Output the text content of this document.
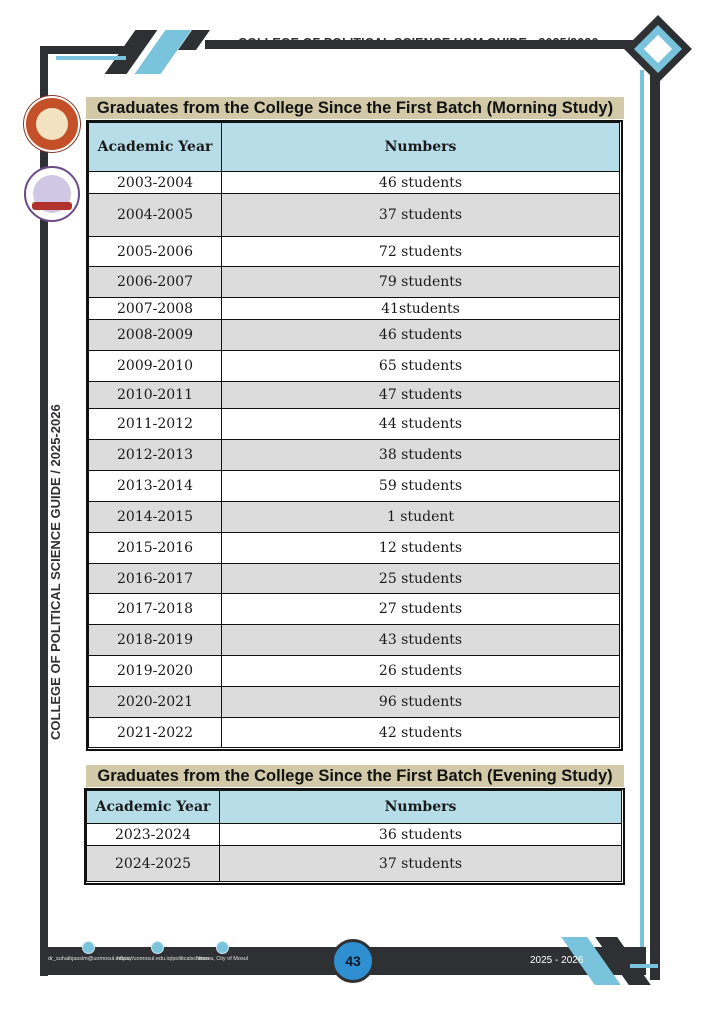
COLLEGE OF POLITICAL SCIENCE UOM GUIDE - 2025/2026
COLLEGE OF POLITICAL SCIENCE GUIDE / 2025-2026
Graduates from the College Since the First Batch (Morning Study)
Academic Year	Numbers
2003-2004	46 students
2004-2005	37 students
2005-2006	72 students
2006-2007	79 students
2007-2008	41students
2008-2009	46 students
2009-2010	65 students
2010-2011	47 students
2011-2012	44 students
2012-2013	38 students
2013-2014	59 students
2014-2015	1 student
2015-2016	12 students
2016-2017	25 students
2017-2018	27 students
2018-2019	43 students
2019-2020	26 students
2020-2021	96 students
2021-2022	42 students
Graduates from the College Since the First Batch (Evening Study)
Academic Year	Numbers
2023-2024	36 students
2024-2025	37 students
dr_suhaibjassim@uomosul.edu.iq
https://uomosul.edu.iq/politicalscience
Ninava, City of Mosul	43	2025 - 2026
